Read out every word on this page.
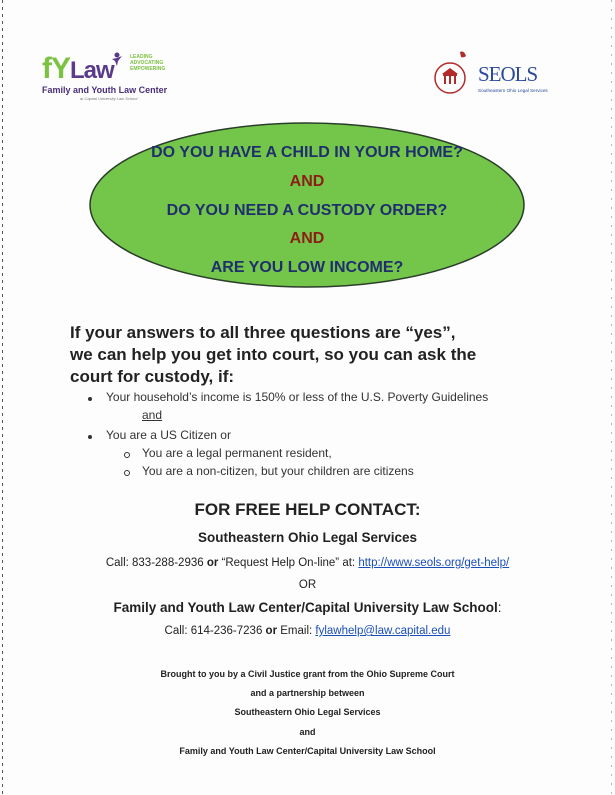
fYLaw	LEADING
ADVOCATING
EMPOWERING
Family and Youth Law Center
at Capital University Law School
SEOLS
Southeastern Ohio Legal Services
DO YOU HAVE A CHILD IN YOUR HOME?
AND
DO YOU NEED A CUSTODY ORDER?
AND
ARE YOU LOW INCOME?
If your answers to all three questions are “yes”,
we can help you get into court, so you can ask the
court for custody, if:
Your household’s income is 150% or less of the U.S. Poverty Guidelines
and
You are a US Citizen or
You are a legal permanent resident,
You are a non-citizen, but your children are citizens
FOR FREE HELP CONTACT:
Southeastern Ohio Legal Services
Call: 833-288-2936 or “Request Help On-line” at: http://www.seols.org/get-help/
OR
Family and Youth Law Center/Capital University Law School:
Call: 614-236-7236 or Email: fylawhelp@law.capital.edu
Brought to you by a Civil Justice grant from the Ohio Supreme Court
and a partnership between
Southeastern Ohio Legal Services
and
Family and Youth Law Center/Capital University Law School
